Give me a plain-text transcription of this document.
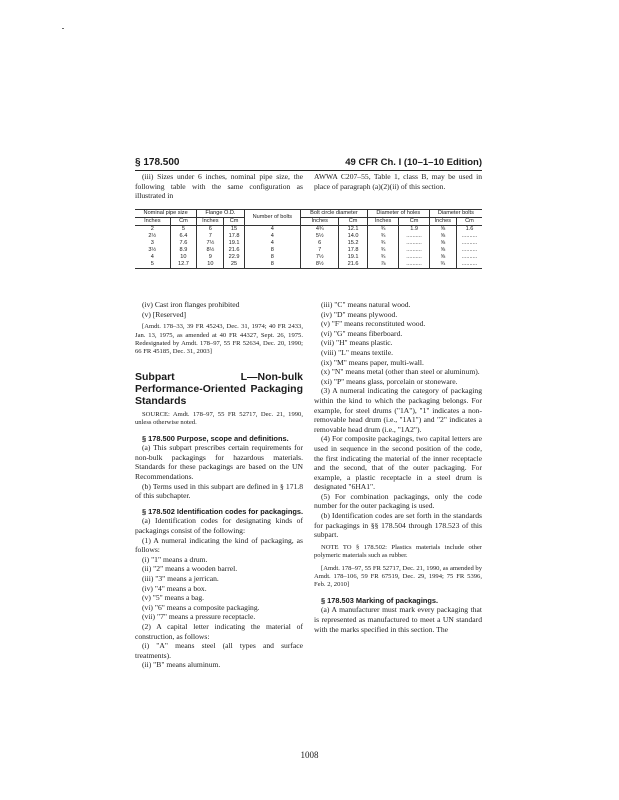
§ 178.500	49 CFR Ch. I (10–1–10 Edition)

(iii) Sizes under 6 inches, nominal pipe size, the following table with the same configuration as illustrated in

AWWA C207–55, Table 1, class B, may be used in place of paragraph (a)(2)(ii) of this section.

Nominal pipe size		Flange O.D.		Number of bolts	Bolt circle diameter		Diameter of holes		Diameter bolts	
Inches	Cm	Inches	Cm		Inches	Cm	Inches	Cm	Inches	Cm
2	5	6	15	4	4¾	12.1	¾	1.9	⅝	1.6
2½	6.4	7	17.8	4	5½	14.0	¾	..........	⅝	..........
3	7.6	7½	19.1	4	6	15.2	¾	..........	⅝	..........
3½	8.9	8½	21.6	8	7	17.8	¾	..........	⅝	..........
4	10	9	22.9	8	7½	19.1	¾	..........	⅝	..........
5	12.7	10	25	8	8½	21.6	⅞	..........	¾	..........

(iv) Cast iron flanges prohibited

(v) [Reserved]

[Amdt. 178–33, 39 FR 45243, Dec. 31, 1974; 40 FR 2433, Jan. 13, 1975, as amended at 40 FR 44327, Sept. 26, 1975. Redesignated by Amdt. 178–97, 55 FR 52634, Dec. 20, 1990; 66 FR 45185, Dec. 31, 2003]

Subpart L—Non-bulk Performance-Oriented Packaging Standards

SOURCE: Amdt. 178–97, 55 FR 52717, Dec. 21, 1990, unless otherwise noted.

§ 178.500 Purpose, scope and definitions.

(a) This subpart prescribes certain requirements for non-bulk packagings for hazardous materials. Standards for these packagings are based on the UN Recommendations.

(b) Terms used in this subpart are defined in § 171.8 of this subchapter.

§ 178.502 Identification codes for packagings.

(a) Identification codes for designating kinds of packagings consist of the following:

(1) A numeral indicating the kind of packaging, as follows:

(i) "1" means a drum.

(ii) "2" means a wooden barrel.

(iii) "3" means a jerrican.

(iv) "4" means a box.

(v) "5" means a bag.

(vi) "6" means a composite packaging.

(vii) "7" means a pressure receptacle.

(2) A capital letter indicating the material of construction, as follows:

(i) "A" means steel (all types and surface treatments).

(ii) "B" means aluminum.

(iii) "C" means natural wood.

(iv) "D" means plywood.

(v) "F" means reconstituted wood.

(vi) "G" means fiberboard.

(vii) "H" means plastic.

(viii) "L" means textile.

(ix) "M" means paper, multi-wall.

(x) "N" means metal (other than steel or aluminum).

(xi) "P" means glass, porcelain or stoneware.

(3) A numeral indicating the category of packaging within the kind to which the packaging belongs. For example, for steel drums ("1A"), "1" indicates a non-removable head drum (i.e., "1A1") and "2" indicates a removable head drum (i.e., "1A2").

(4) For composite packagings, two capital letters are used in sequence in the second position of the code, the first indicating the material of the inner receptacle and the second, that of the outer packaging. For example, a plastic receptacle in a steel drum is designated "6HA1".

(5) For combination packagings, only the code number for the outer packaging is used.

(b) Identification codes are set forth in the standards for packagings in §§ 178.504 through 178.523 of this subpart.

NOTE TO § 178.502: Plastics materials include other polymeric materials such as rubber.

[Amdt. 178–97, 55 FR 52717, Dec. 21, 1990, as amended by Amdt. 178–106, 59 FR 67519, Dec. 29, 1994; 75 FR 5396, Feb. 2, 2010]

§ 178.503 Marking of packagings.

(a) A manufacturer must mark every packaging that is represented as manufactured to meet a UN standard with the marks specified in this section. The

1008
